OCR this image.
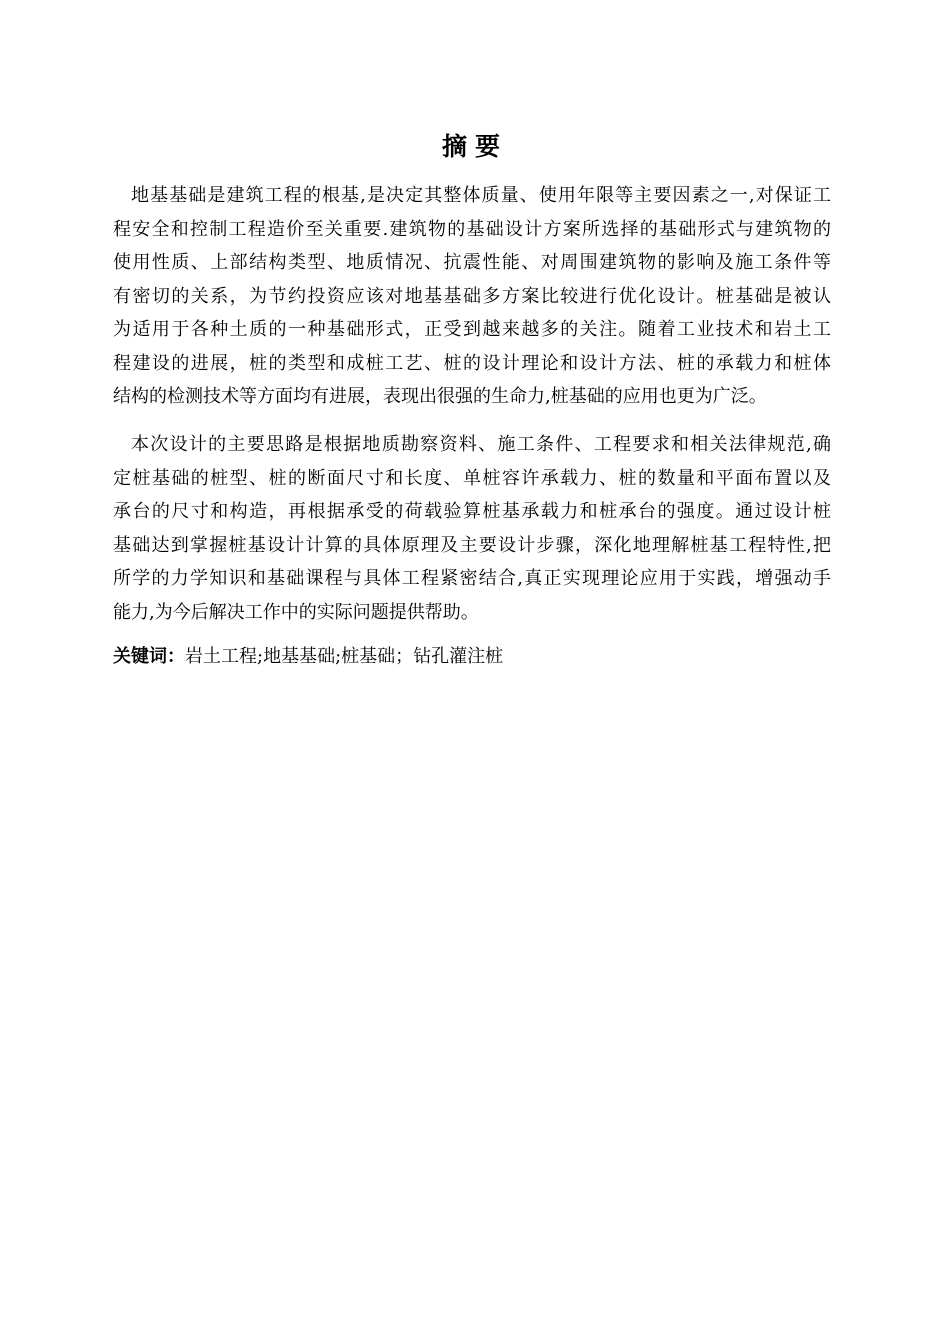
摘要
地基基础是建筑工程的根基,是决定其整体质量、使用年限等主要因素之一,对保证工
程安全和控制工程造价至关重要.建筑物的基础设计方案所选择的基础形式与建筑物的
使用性质、上部结构类型、地质情况、抗震性能、对周围建筑物的影响及施工条件等
有密切的关系，为节约投资应该对地基基础多方案比较进行优化设计。桩基础是被认
为适用于各种土质的一种基础形式，正受到越来越多的关注。随着工业技术和岩土工
程建设的进展，桩的类型和成桩工艺、桩的设计理论和设计方法、桩的承载力和桩体
结构的检测技术等方面均有进展，表现出很强的生命力,桩基础的应用也更为广泛。
本次设计的主要思路是根据地质勘察资料、施工条件、工程要求和相关法律规范,确
定桩基础的桩型、桩的断面尺寸和长度、单桩容许承载力、桩的数量和平面布置以及
承台的尺寸和构造，再根据承受的荷载验算桩基承载力和桩承台的强度。通过设计桩
基础达到掌握桩基设计计算的具体原理及主要设计步骤，深化地理解桩基工程特性,把
所学的力学知识和基础课程与具体工程紧密结合,真正实现理论应用于实践，增强动手
能力,为今后解决工作中的实际问题提供帮助。
关键词：岩土工程;地基基础;桩基础；钻孔灌注桩
